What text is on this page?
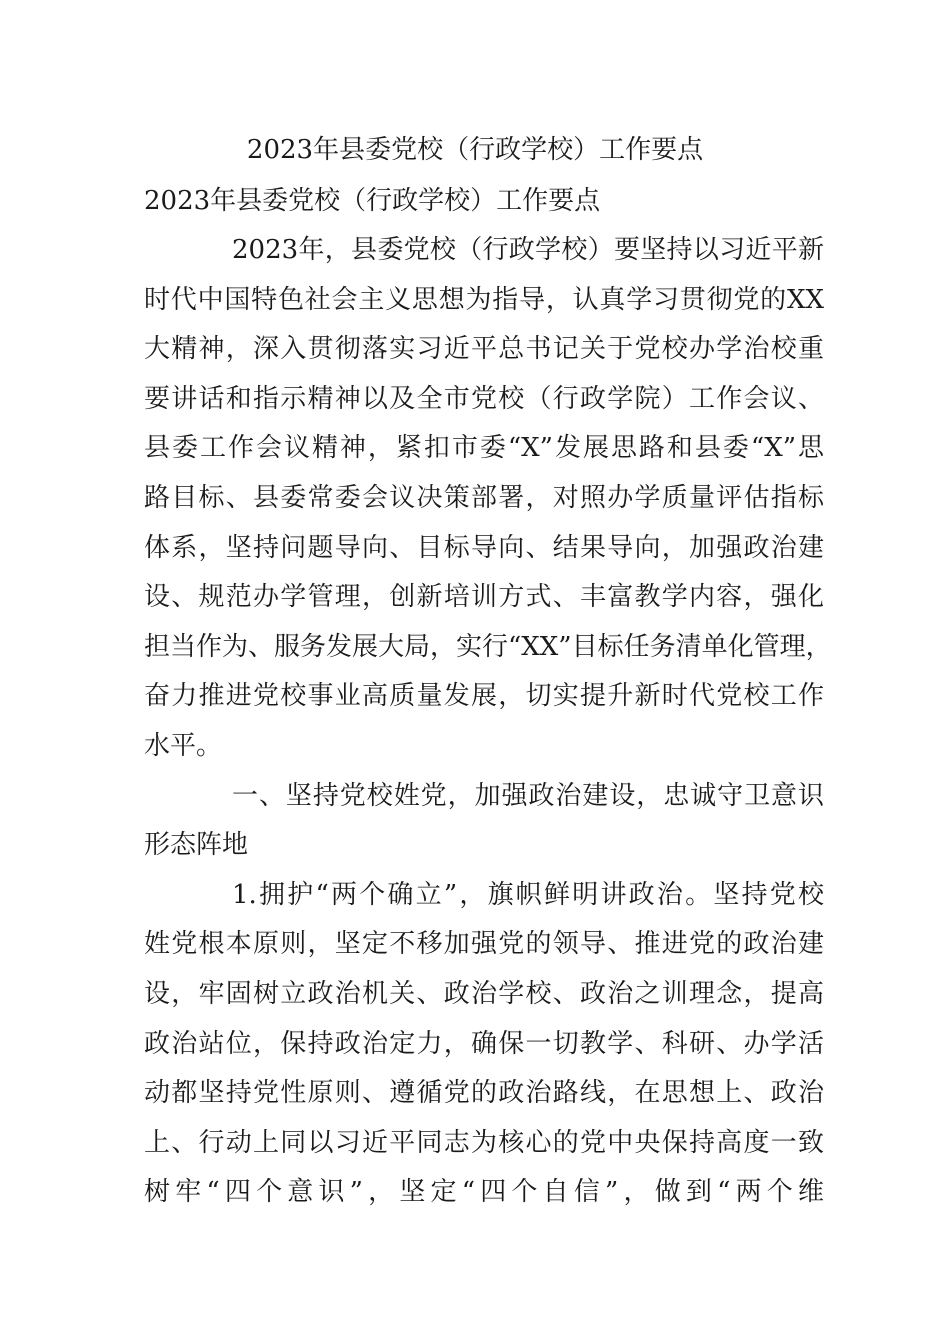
2023年县委党校（行政学校）工作要点
2023年县委党校（行政学校）工作要点
2023年，县委党校（行政学校）要坚持以习近平新
时代中国特色社会主义思想为指导，认真学习贯彻党的XX
大精神，深入贯彻落实习近平总书记关于党校办学治校重
要讲话和指示精神以及全市党校（行政学院）工作会议、
县委工作会议精神，紧扣市委“X”发展思路和县委“X”思
路目标、县委常委会议决策部署，对照办学质量评估指标
体系，坚持问题导向、目标导向、结果导向，加强政治建
设、规范办学管理，创新培训方式、丰富教学内容，强化
担当作为、服务发展大局，实行“XX”目标任务清单化管理，
奋力推进党校事业高质量发展，切实提升新时代党校工作
水平。
一、坚持党校姓党，加强政治建设，忠诚守卫意识
形态阵地
1.拥护“两个确立”，旗帜鲜明讲政治。坚持党校
姓党根本原则，坚定不移加强党的领导、推进党的政治建
设，牢固树立政治机关、政治学校、政治之训理念，提高
政治站位，保持政治定力，确保一切教学、科研、办学活
动都坚持党性原则、遵循党的政治路线，在思想上、政治
上、行动上同以习近平同志为核心的党中央保持高度一致
树牢“四个意识”，坚定“四个自信”，做到“两个维
